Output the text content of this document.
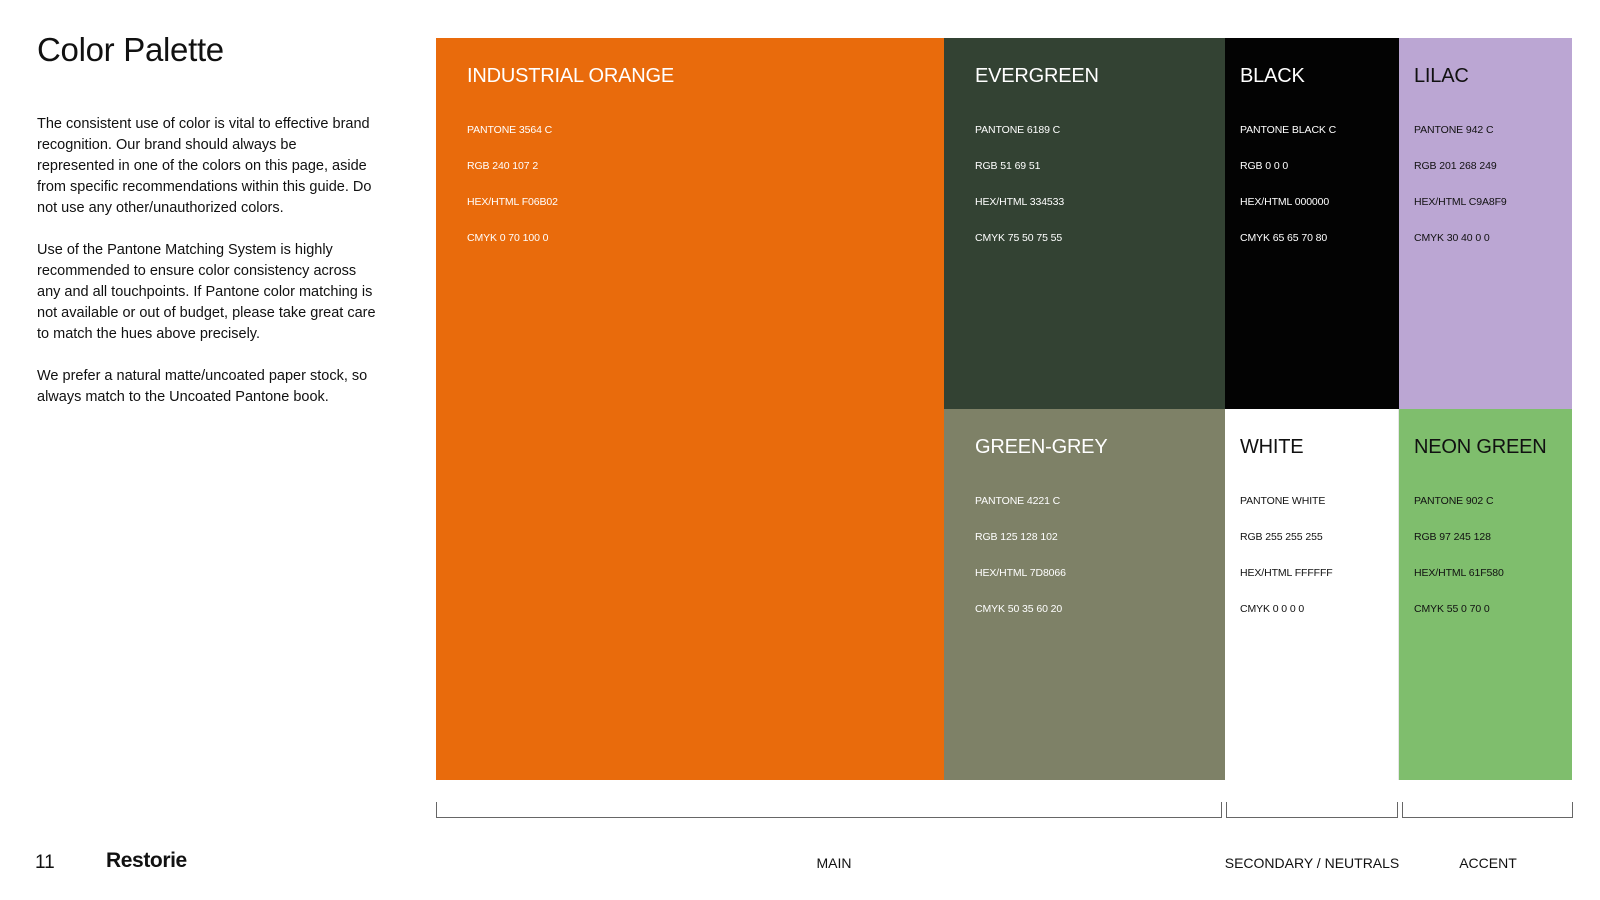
Color Palette

The consistent use of color is vital to effective brand recognition. Our brand should always be represented in one of the colors on this page, aside from specific recommendations within this guide. Do not use any other/unauthorized colors.

Use of the Pantone Matching System is highly recommended to ensure color consistency across any and all touchpoints. If Pantone color matching is not available or out of budget, please take great care to match the hues above precisely.

We prefer a natural matte/uncoated paper stock, so always match to the Uncoated Pantone book.

INDUSTRIAL ORANGE
PANTONE 3564 C
RGB 240 107 2
HEX/HTML F06B02
CMYK 0 70 100 0
EVERGREEN
PANTONE 6189 C
RGB 51 69 51
HEX/HTML 334533
CMYK 75 50 75 55
BLACK
PANTONE BLACK C
RGB 0 0 0
HEX/HTML 000000
CMYK 65 65 70 80
LILAC
PANTONE 942 C
RGB 201 268 249
HEX/HTML C9A8F9
CMYK 30 40 0 0
GREEN-GREY
PANTONE 4221 C
RGB 125 128 102
HEX/HTML 7D8066
CMYK 50 35 60 20
WHITE
PANTONE WHITE
RGB 255 255 255
HEX/HTML FFFFFF
CMYK 0 0 0 0
NEON GREEN
PANTONE 902 C
RGB 97 245 128
HEX/HTML 61F580
CMYK 55 0 70 0
MAIN	SECONDARY / NEUTRALS	ACCENT
11 Restorie
